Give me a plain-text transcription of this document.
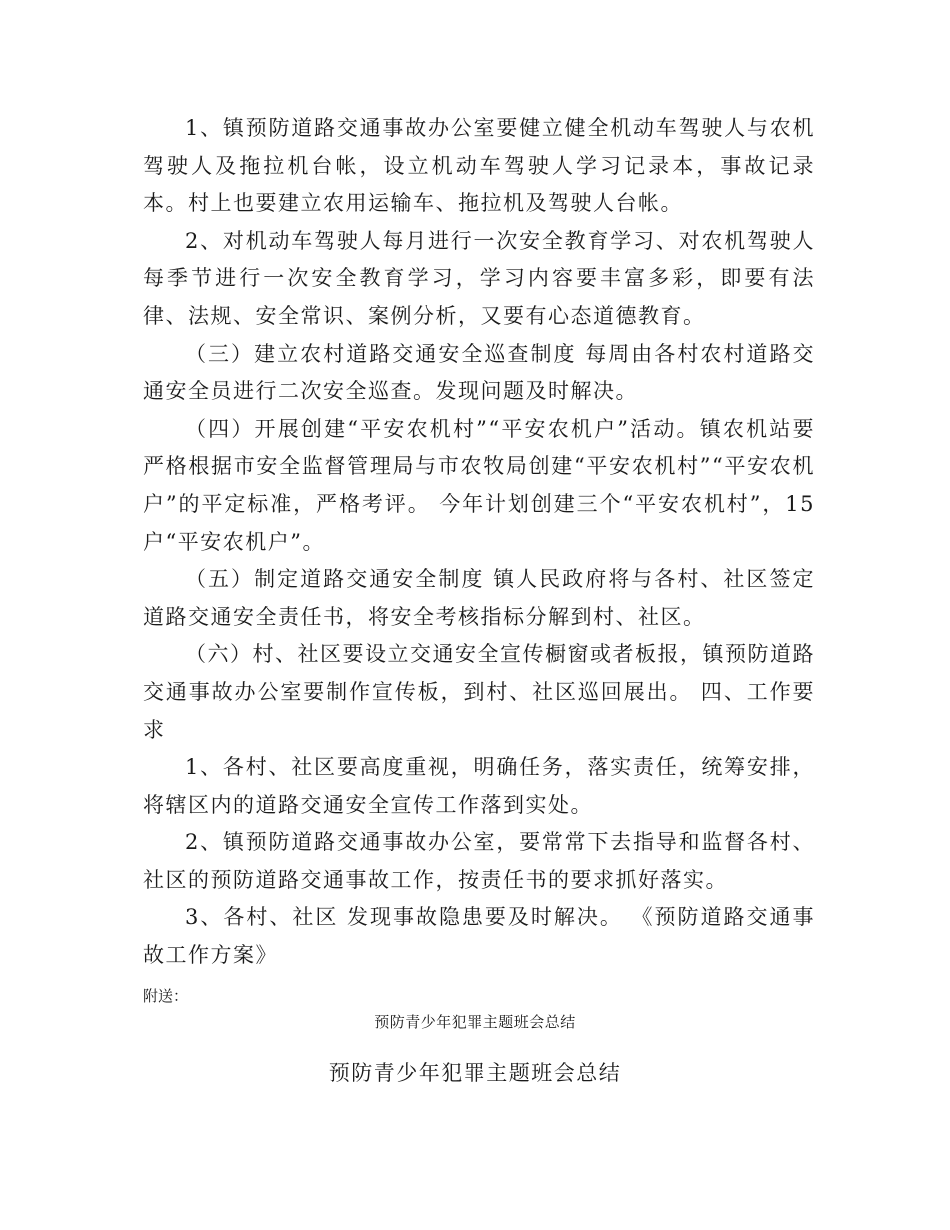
1、镇预防道路交通事故办公室要健立健全机动车驾驶人与农机驾驶人及拖拉机台帐，设立机动车驾驶人学习记录本，事故记录本。村上也要建立农用运输车、拖拉机及驾驶人台帐。

2、对机动车驾驶人每月进行一次安全教育学习、对农机驾驶人每季节进行一次安全教育学习，学习内容要丰富多彩，即要有法律、法规、安全常识、案例分析，又要有心态道德教育。

（三）建立农村道路交通安全巡查制度 每周由各村农村道路交通安全员进行二次安全巡查。发现问题及时解决。

（四）开展创建“平安农机村”“平安农机户”活动。镇农机站要严格根据市安全监督管理局与市农牧局创建“平安农机村”“平安农机户”的平定标准，严格考评。 今年计划创建三个“平安农机村”，15户“平安农机户”。

（五）制定道路交通安全制度 镇人民政府将与各村、社区签定道路交通安全责任书，将安全考核指标分解到村、社区。

（六）村、社区要设立交通安全宣传橱窗或者板报，镇预防道路交通事故办公室要制作宣传板，到村、社区巡回展出。 四、工作要求

1、各村、社区要高度重视，明确任务，落实责任，统筹安排，将辖区内的道路交通安全宣传工作落到实处。

2、镇预防道路交通事故办公室，要常常下去指导和监督各村、社区的预防道路交通事故工作，按责任书的要求抓好落实。

3、各村、社区 发现事故隐患要及时解决。 《预防道路交通事故工作方案》

附送：
预防青少年犯罪主题班会总结
预防青少年犯罪主题班会总结
